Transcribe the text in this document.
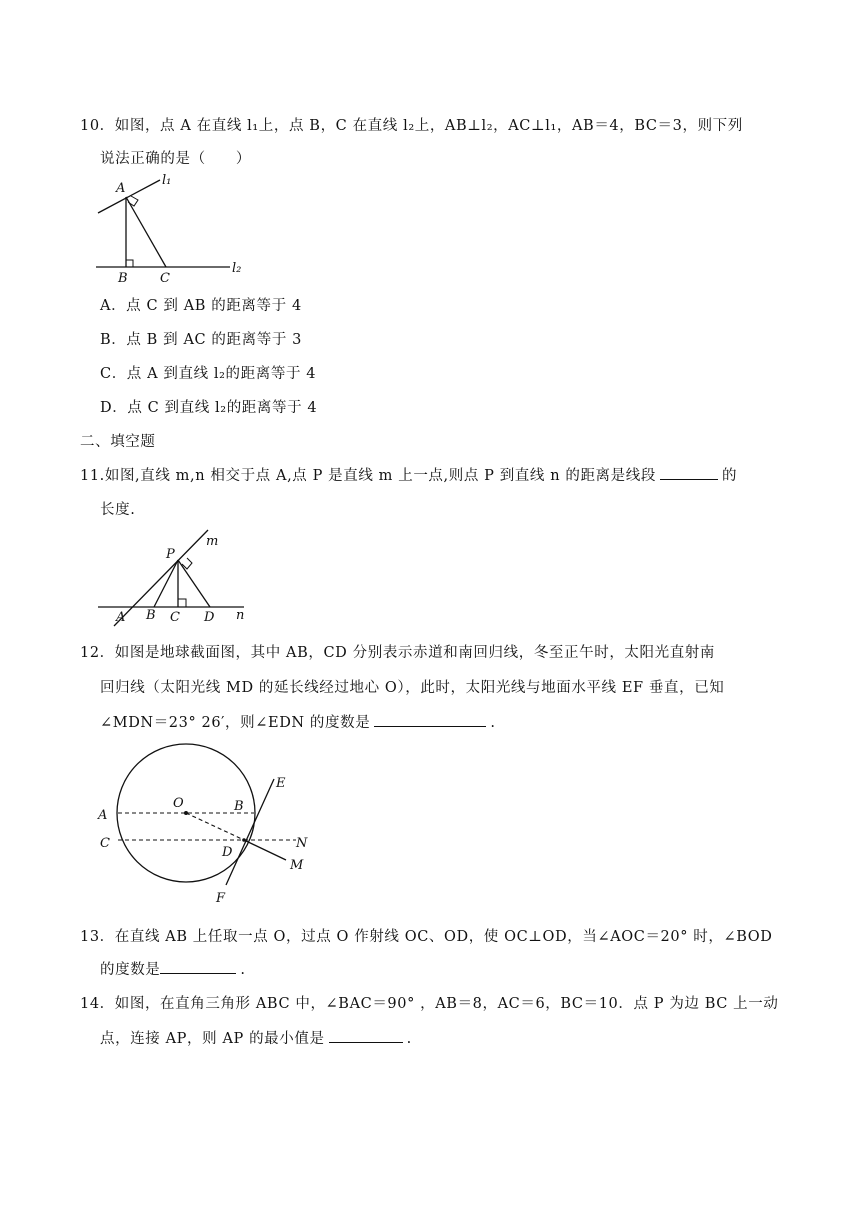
10．如图，点 A 在直线 l₁上，点 B，C 在直线 l₂上，AB⊥l₂，AC⊥l₁，AB＝4，BC＝3，则下列
说法正确的是（　　）
A
l₁
B C
l₂
A．点 C 到 AB 的距离等于 4
B．点 B 到 AC 的距离等于 3
C．点 A 到直线 l₂的距离等于 4
D．点 C 到直线 l₂的距离等于 4
二、填空题
11.如图,直线 m,n 相交于点 A,点 P 是直线 m 上一点,则点 P 到直线 n 的距离是线段	的
长度.
P
m
A B C D n
12．如图是地球截面图，其中 AB，CD 分别表示赤道和南回归线，冬至正午时，太阳光直射南
回归线（太阳光线 MD 的延长线经过地心 O），此时，太阳光线与地面水平线 EF 垂直，已知
∠MDN＝23° 26′，则∠EDN 的度数是	.
O	B
A
C
D
E
N
M
F
13．在直线 AB 上任取一点 O，过点 O 作射线 OC、OD，使 OC⊥OD，当∠AOC＝20° 时，∠BOD
的度数是	.
14．如图，在直角三角形 ABC 中，∠BAC＝90° ，AB＝8，AC＝6，BC＝10．点 P 为边 BC 上一动
点，连接 AP，则 AP 的最小值是	.
